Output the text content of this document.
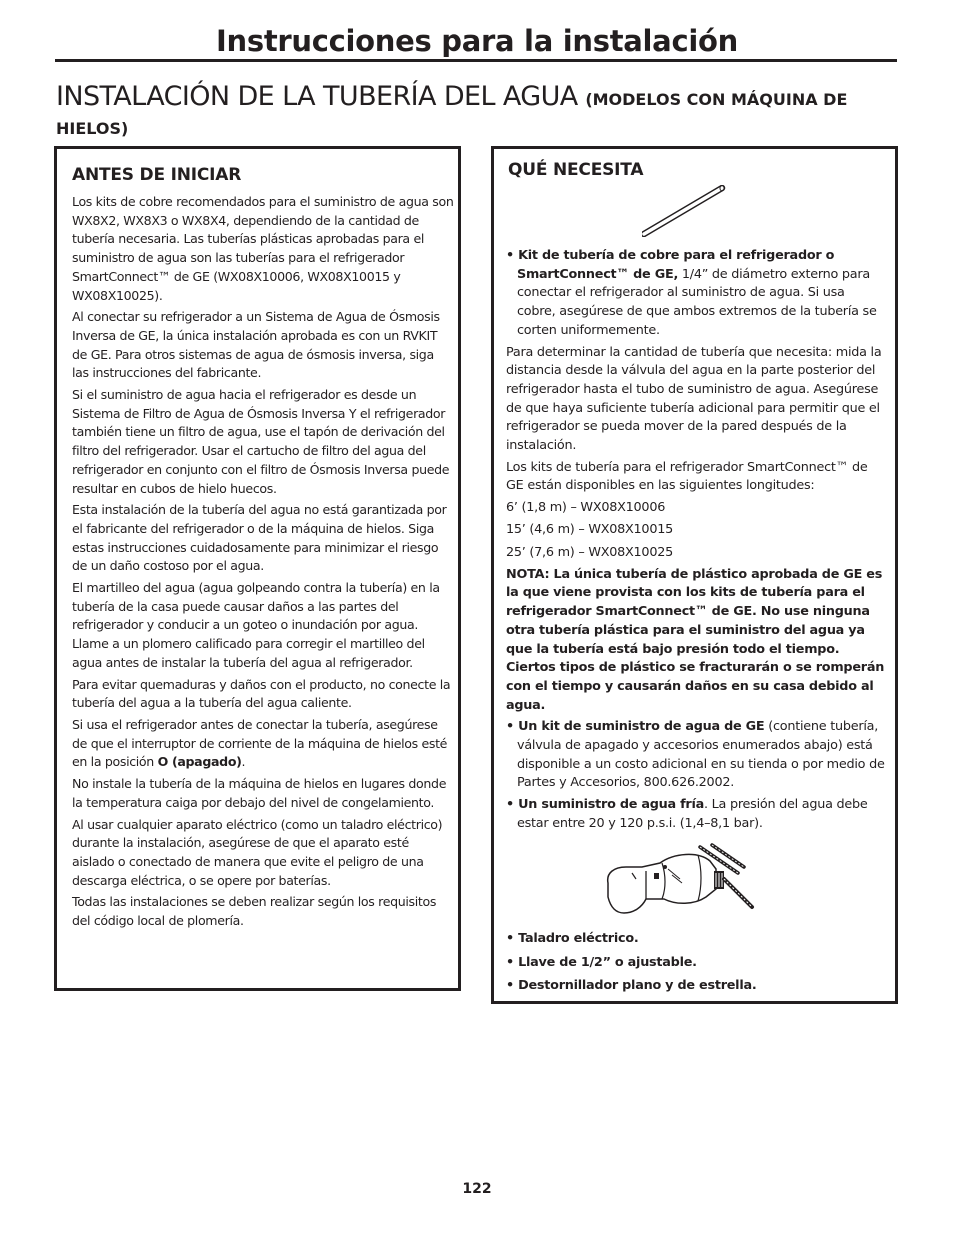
Instrucciones para la instalación
INSTALACIÓN DE LA TUBERÍA DEL AGUA (MODELOS CON MÁQUINA DE HIELOS)
ANTES DE INICIAR

Los kits de cobre recomendados para el suministro de agua son WX8X2, WX8X3 o WX8X4, dependiendo de la cantidad de tubería necesaria. Las tuberías plásticas aprobadas para el suministro de agua son las tuberías para el refrigerador SmartConnect™ de GE (WX08X10006, WX08X10015 y WX08X10025).

Al conectar su refrigerador a un Sistema de Agua de Ósmosis Inversa de GE, la única instalación aprobada es con un RVKIT de GE. Para otros sistemas de agua de ósmosis inversa, siga las instrucciones del fabricante.

Si el suministro de agua hacia el refrigerador es desde un Sistema de Filtro de Agua de Ósmosis Inversa Y el refrigerador también tiene un filtro de agua, use el tapón de derivación del filtro del refrigerador. Usar el cartucho de filtro del agua del refrigerador en conjunto con el filtro de Ósmosis Inversa puede resultar en cubos de hielo huecos.

Esta instalación de la tubería del agua no está garantizada por el fabricante del refrigerador o de la máquina de hielos. Siga estas instrucciones cuidadosamente para minimizar el riesgo de un daño costoso por el agua.

El martilleo del agua (agua golpeando contra la tubería) en la tubería de la casa puede causar daños a las partes del refrigerador y conducir a un goteo o inundación por agua. Llame a un plomero calificado para corregir el martilleo del agua antes de instalar la tubería del agua al refrigerador.

Para evitar quemaduras y daños con el producto, no conecte la tubería del agua a la tubería del agua caliente.

Si usa el refrigerador antes de conectar la tubería, asegúrese de que el interruptor de corriente de la máquina de hielos esté en la posición O (apagado).

No instale la tubería de la máquina de hielos en lugares donde la temperatura caiga por debajo del nivel de congelamiento.

Al usar cualquier aparato eléctrico (como un taladro eléctrico) durante la instalación, asegúrese de que el aparato esté aislado o conectado de manera que evite el peligro de una descarga eléctrica, o se opere por baterías.

Todas las instalaciones se deben realizar según los requisitos del código local de plomería.

QUÉ NECESITA

• Kit de tubería de cobre para el refrigerador o SmartConnect™ de GE, 1/4” de diámetro externo para conectar el refrigerador al suministro de agua. Si usa cobre, asegúrese de que ambos extremos de la tubería se corten uniformemente.

Para determinar la cantidad de tubería que necesita: mida la distancia desde la válvula del agua en la parte posterior del refrigerador hasta el tubo de suministro de agua. Asegúrese de que haya suficiente tubería adicional para permitir que el refrigerador se pueda mover de la pared después de la instalación.

Los kits de tubería para el refrigerador SmartConnect™ de GE están disponibles en las siguientes longitudes:

6’ (1,8 m) – WX08X10006

15’ (4,6 m) – WX08X10015

25’ (7,6 m) – WX08X10025

NOTA: La única tubería de plástico aprobada de GE es la que viene provista con los kits de tubería para el refrigerador SmartConnect™ de GE. No use ninguna otra tubería plástica para el suministro del agua ya que la tubería está bajo presión todo el tiempo. Ciertos tipos de plástico se fracturarán o se romperán con el tiempo y causarán daños en su casa debido al agua.

• Un kit de suministro de agua de GE (contiene tubería, válvula de apagado y accesorios enumerados abajo) está disponible a un costo adicional en su tienda o por medio de Partes y Accesorios, 800.626.2002.

• Un suministro de agua fría. La presión del agua debe estar entre 20 y 120 p.s.i. (1,4–8,1 bar).

• Taladro eléctrico.
• Llave de 1/2” o ajustable.
• Destornillador plano y de estrella.
122
